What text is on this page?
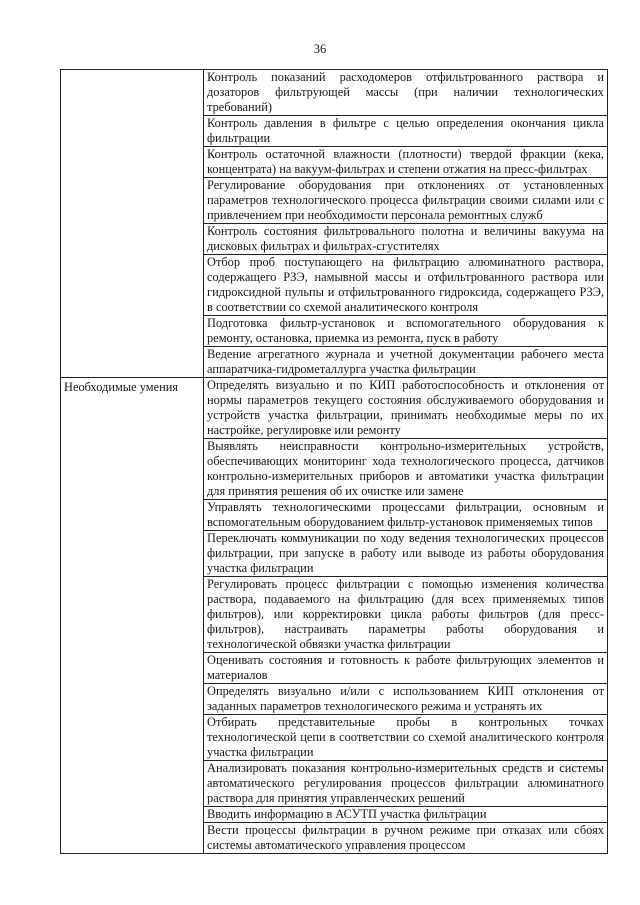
36
	Контроль показаний расходомеров отфильтрованного раствора и дозаторов фильтрующей массы (при наличии технологических требований)
	Контроль давления в фильтре с целью определения окончания цикла фильтрации
	Контроль остаточной влажности (плотности) твердой фракции (кека, концентрата) на вакуум-фильтрах и степени отжатия на пресс-фильтрах
	Регулирование оборудования при отклонениях от установленных параметров технологического процесса фильтрации своими силами или с привлечением при необходимости персонала ремонтных служб
	Контроль состояния фильтровального полотна и величины вакуума на дисковых фильтрах и фильтрах-сгустителях
	Отбор проб поступающего на фильтрацию алюминатного раствора, содержащего РЗЭ, намывной массы и отфильтрованного раствора или гидроксидной пульпы и отфильтрованного гидроксида, содержащего РЗЭ, в соответствии со схемой аналитического контроля
	Подготовка фильтр-установок и вспомогательного оборудования к ремонту, остановка, приемка из ремонта, пуск в работу
	Ведение агрегатного журнала и учетной документации рабочего места аппаратчика-гидрометаллурга участка фильтрации

Необходимые умения	Определять визуально и по КИП работоспособность и отклонения от нормы параметров текущего состояния обслуживаемого оборудования и устройств участка фильтрации, принимать необходимые меры по их настройке, регулировке или ремонту
	Выявлять неисправности контрольно-измерительных устройств, обеспечивающих мониторинг хода технологического процесса, датчиков контрольно-измерительных приборов и автоматики участка фильтрации для принятия решения об их очистке или замене
	Управлять технологическими процессами фильтрации, основным и вспомогательным оборудованием фильтр-установок применяемых типов
	Переключать коммуникации по ходу ведения технологических процессов фильтрации, при запуске в работу или выводе из работы оборудования участка фильтрации
	Регулировать процесс фильтрации с помощью изменения количества раствора, подаваемого на фильтрацию (для всех применяемых типов фильтров), или корректировки цикла работы фильтров (для пресс-фильтров), настраивать параметры работы оборудования и технологической обвязки участка фильтрации
	Оценивать состояния и готовность к работе фильтрующих элементов и материалов
	Определять визуально и/или с использованием КИП отклонения от заданных параметров технологического режима и устранять их
	Отбирать представительные пробы в контрольных точках технологической цепи в соответствии со схемой аналитического контроля участка фильтрации
	Анализировать показания контрольно-измерительных средств и системы автоматического регулирования процессов фильтрации алюминатного раствора для принятия управленческих решений
	Вводить информацию в АСУТП участка фильтрации
	Вести процессы фильтрации в ручном режиме при отказах или сбоях системы автоматического управления процессом
